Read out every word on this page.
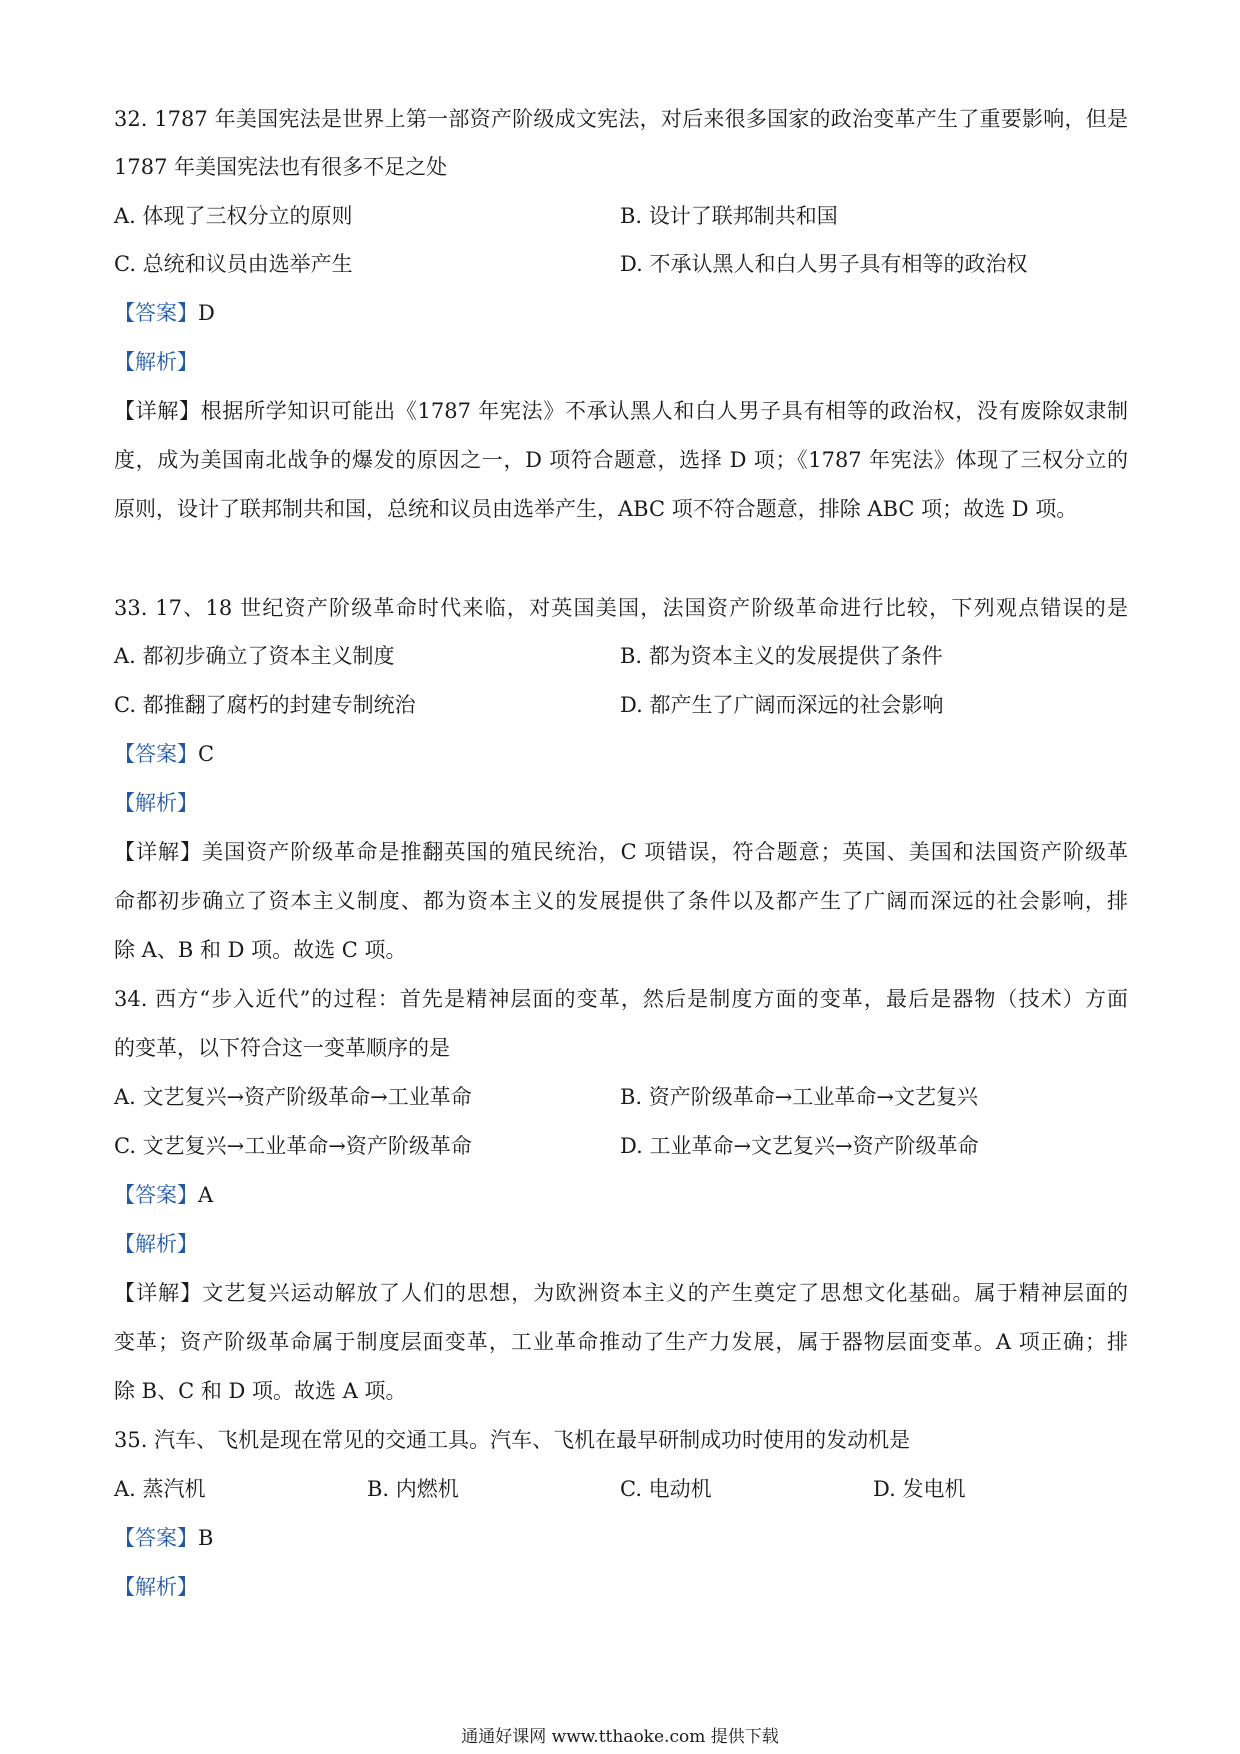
32. 1787 年美国宪法是世界上第一部资产阶级成文宪法，对后来很多国家的政治变革产生了重要影响，但是
1787 年美国宪法也有很多不足之处
A. 体现了三权分立的原则	B. 设计了联邦制共和国
C. 总统和议员由选举产生	D. 不承认黑人和白人男子具有相等的政治权
【答案】D
【解析】
【详解】根据所学知识可能出《1787 年宪法》不承认黑人和白人男子具有相等的政治权，没有废除奴隶制
度，成为美国南北战争的爆发的原因之一，D 项符合题意，选择 D 项；《1787 年宪法》体现了三权分立的
原则，设计了联邦制共和国，总统和议员由选举产生，ABC 项不符合题意，排除 ABC 项；故选 D 项。
33. 17、18 世纪资产阶级革命时代来临，对英国美国，法国资产阶级革命进行比较，下列观点错误的是
A. 都初步确立了资本主义制度	B. 都为资本主义的发展提供了条件
C. 都推翻了腐朽的封建专制统治	D. 都产生了广阔而深远的社会影响
【答案】C
【解析】
【详解】美国资产阶级革命是推翻英国的殖民统治，C 项错误，符合题意；英国、美国和法国资产阶级革
命都初步确立了资本主义制度、都为资本主义的发展提供了条件以及都产生了广阔而深远的社会影响，排
除 A、B 和 D 项。故选 C 项。
34. 西方“步入近代”的过程：首先是精神层面的变革，然后是制度方面的变革，最后是器物（技术）方面
的变革，以下符合这一变革顺序的是
A. 文艺复兴→资产阶级革命→工业革命	B. 资产阶级革命→工业革命→文艺复兴
C. 文艺复兴→工业革命→资产阶级革命	D. 工业革命→文艺复兴→资产阶级革命
【答案】A
【解析】
【详解】文艺复兴运动解放了人们的思想，为欧洲资本主义的产生奠定了思想文化基础。属于精神层面的
变革；资产阶级革命属于制度层面变革，工业革命推动了生产力发展，属于器物层面变革。A 项正确；排
除 B、C 和 D 项。故选 A 项。
35. 汽车、飞机是现在常见的交通工具。汽车、飞机在最早研制成功时使用的发动机是
A. 蒸汽机	B. 内燃机	C. 电动机	D. 发电机
【答案】B
【解析】
通通好课网 www.tthaoke.com 提供下载
